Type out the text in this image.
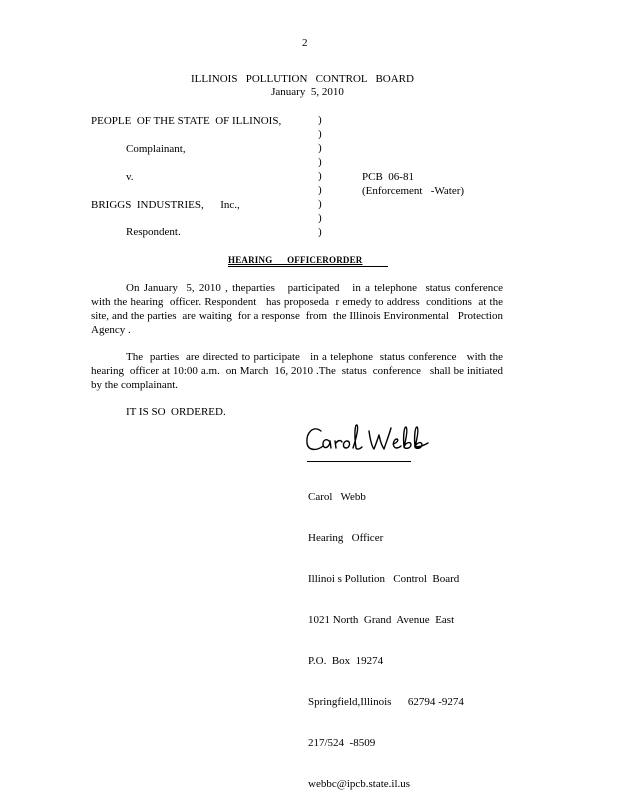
2
ILLINOIS   POLLUTION   CONTROL   BOARD
January  5, 2010
PEOPLE  OF THE STATE  OF ILLINOIS,
Complainant,
v.
BRIGGS  INDUSTRIES,      Inc.,
Respondent.
)
)
)
)
)
)
)
)
)
PCB  06-81
(Enforcement   -Water)
HEARING      OFFICERORDER
On January  5, 2010 , theparties   participated   in a telephone  status conference   with the hearing  officer. Respondent   has proposeda  r emedy to address  conditions  at the site, and the parties  are waiting  for a response  from  the Illinois Environmental   Protection Agency .
The  parties  are directed to participate   in a telephone  status conference   with the hearing  officer at 10:00 a.m.  on March  16, 2010 .The  status  conference   shall be initiated by the complainant.
IT IS SO  ORDERED.

Carol   Webb

Hearing   Officer

Illinoi s Pollution   Control  Board

1021 North  Grand  Avenue  East

P.O.  Box  19274

Springfield,Illinois      62794 -9274

217/524  -8509

webbc@ipcb.state.il.us
